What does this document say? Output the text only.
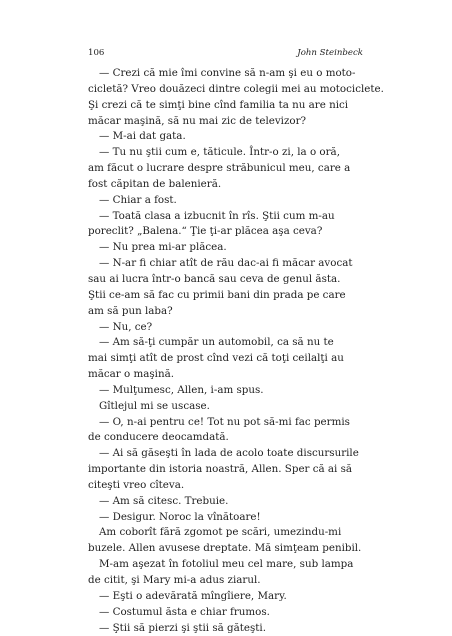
106	John Steinbeck

— Crezi că mie îmi convine să n-am şi eu o moto-
cicletă? Vreo douăzeci dintre colegii mei au motociclete.
Şi crezi că te simţi bine cînd familia ta nu are nici
măcar maşină, să nu mai zic de televizor?

— M-ai dat gata.

— Tu nu ştii cum e, tăticule. Într-o zi, la o oră,
am făcut o lucrare despre străbunicul meu, care a
fost căpitan de balenieră.

— Chiar a fost.

— Toată clasa a izbucnit în rîs. Ştii cum m-au
poreclit? „Balena.“ Ţie ţi-ar plăcea aşa ceva?

— Nu prea mi-ar plăcea.

— N-ar fi chiar atît de rău dac-ai fi măcar avocat
sau ai lucra într-o bancă sau ceva de genul ăsta.
Ştii ce-am să fac cu primii bani din prada pe care
am să pun laba?

— Nu, ce?

— Am să-ţi cumpăr un automobil, ca să nu te
mai simţi atît de prost cînd vezi că toţi ceilalţi au
măcar o maşină.

— Mulţumesc, Allen, i-am spus.

Gîtlejul mi se uscase.

— O, n-ai pentru ce! Tot nu pot să-mi fac permis
de conducere deocamdată.

— Ai să găseşti în lada de acolo toate discursurile
importante din istoria noastră, Allen. Sper că ai să
citeşti vreo cîteva.

— Am să citesc. Trebuie.

— Desigur. Noroc la vînătoare!

Am coborît fără zgomot pe scări, umezindu-mi
buzele. Allen avusese dreptate. Mă simţeam penibil.

M-am aşezat în fotoliul meu cel mare, sub lampa
de citit, şi Mary mi-a adus ziarul.

— Eşti o adevărată mîngîiere, Mary.

— Costumul ăsta e chiar frumos.

— Ştii să pierzi şi ştii să găteşti.
